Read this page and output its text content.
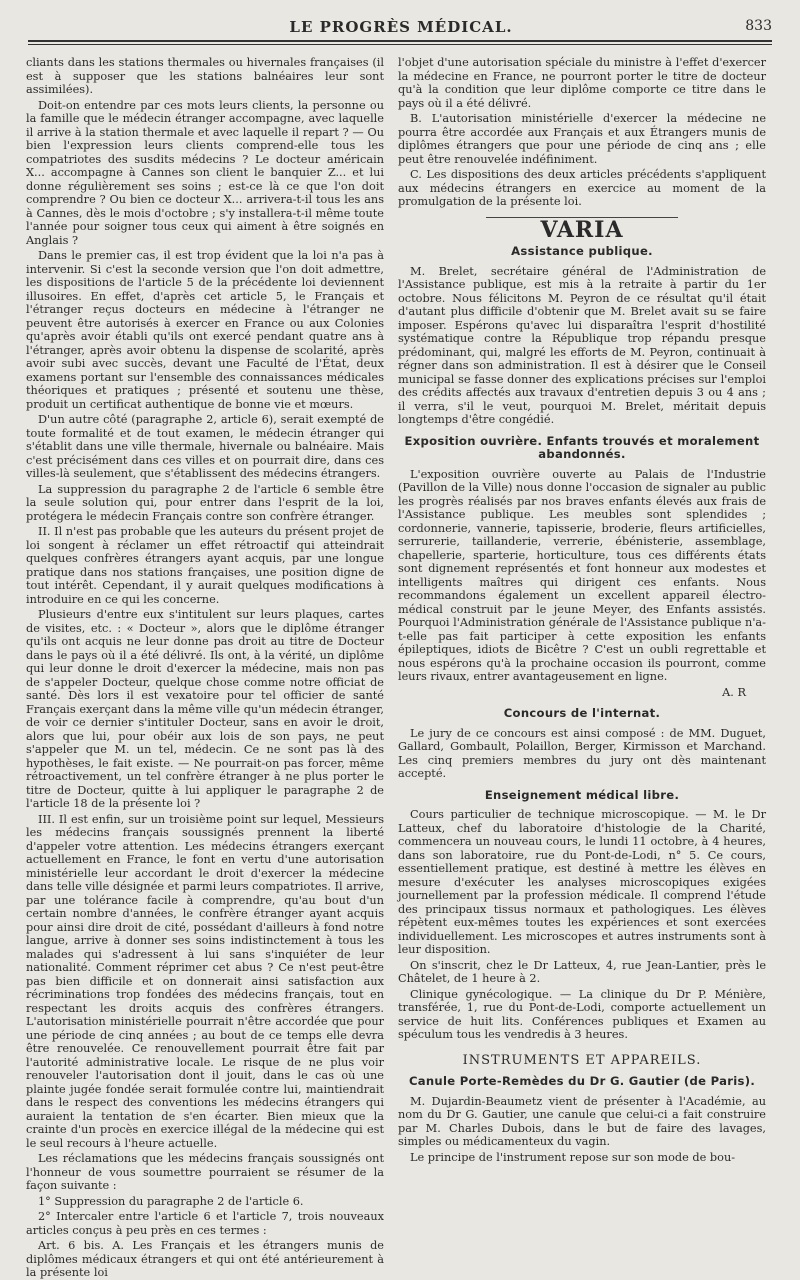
LE PROGRÈS MÉDICAL.	833

cliants dans les stations thermales ou hivernales françaises (il est à supposer que les stations balnéaires leur sont assimilées).

Doit-on entendre par ces mots leurs clients, la personne ou la famille que le médecin étranger accompagne, avec laquelle il arrive à la station thermale et avec laquelle il repart ? — Ou bien l'expression leurs clients comprend-elle tous les compatriotes des susdits médecins ? Le docteur américain X... accompagne à Cannes son client le banquier Z... et lui donne régulièrement ses soins ; est-ce là ce que l'on doit comprendre ? Ou bien ce docteur X... arrivera-t-il tous les ans à Cannes, dès le mois d'octobre ; s'y installera-t-il même toute l'année pour soigner tous ceux qui aiment à être soignés en Anglais ?

Dans le premier cas, il est trop évident que la loi n'a pas à intervenir. Si c'est la seconde version que l'on doit admettre, les dispositions de l'article 5 de la précédente loi deviennent illusoires. En effet, d'après cet article 5, le Français et l'étranger reçus docteurs en médecine à l'étranger ne peuvent être autorisés à exercer en France ou aux Colonies qu'après avoir établi qu'ils ont exercé pendant quatre ans à l'étranger, après avoir obtenu la dispense de scolarité, après avoir subi avec succès, devant une Faculté de l'État, deux examens portant sur l'ensemble des connaissances médicales théoriques et pratiques ; présenté et soutenu une thèse, produit un certificat authentique de bonne vie et mœurs.

D'un autre côté (paragraphe 2, article 6), serait exempté de toute formalité et de tout examen, le médecin étranger qui s'établit dans une ville thermale, hivernale ou balnéaire. Mais c'est précisément dans ces villes et on pourrait dire, dans ces villes-là seulement, que s'établissent des médecins étrangers.

La suppression du paragraphe 2 de l'article 6 semble être la seule solution qui, pour entrer dans l'esprit de la loi, protégera le médecin Français contre son confrère étranger.

II. Il n'est pas probable que les auteurs du présent projet de loi songent à réclamer un effet rétroactif qui atteindrait quelques confrères étrangers ayant acquis, par une longue pratique dans nos stations françaises, une position digne de tout intérêt. Cependant, il y aurait quelques modifications à introduire en ce qui les concerne.

Plusieurs d'entre eux s'intitulent sur leurs plaques, cartes de visites, etc. : « Docteur », alors que le diplôme étranger qu'ils ont acquis ne leur donne pas droit au titre de Docteur dans le pays où il a été délivré. Ils ont, à la vérité, un diplôme qui leur donne le droit d'exercer la médecine, mais non pas de s'appeler Docteur, quelque chose comme notre officiat de santé. Dès lors il est vexatoire pour tel officier de santé Français exerçant dans la même ville qu'un médecin étranger, de voir ce dernier s'intituler Docteur, sans en avoir le droit, alors que lui, pour obéir aux lois de son pays, ne peut s'appeler que M. un tel, médecin. Ce ne sont pas là des hypothèses, le fait existe. — Ne pourrait-on pas forcer, même rétroactivement, un tel confrère étranger à ne plus porter le titre de Docteur, quitte à lui appliquer le paragraphe 2 de l'article 18 de la présente loi ?

III. Il est enfin, sur un troisième point sur lequel, Messieurs les médecins français soussignés prennent la liberté d'appeler votre attention. Les médecins étrangers exerçant actuellement en France, le font en vertu d'une autorisation ministérielle leur accordant le droit d'exercer la médecine dans telle ville désignée et parmi leurs compatriotes. Il arrive, par une tolérance facile à comprendre, qu'au bout d'un certain nombre d'années, le confrère étranger ayant acquis pour ainsi dire droit de cité, possédant d'ailleurs à fond notre langue, arrive à donner ses soins indistinctement à tous les malades qui s'adressent à lui sans s'inquiéter de leur nationalité. Comment réprimer cet abus ? Ce n'est peut-être pas bien difficile et on donnerait ainsi satisfaction aux récriminations trop fondées des médecins français, tout en respectant les droits acquis des confrères étrangers. L'autorisation ministérielle pourrait n'être accordée que pour une période de cinq années ; au bout de ce temps elle devra être renouvelée. Ce renouvellement pourrait être fait par l'autorité administrative locale. Le risque de ne plus voir renouveler l'autorisation dont il jouit, dans le cas où une plainte jugée fondée serait formulée contre lui, maintiendrait dans le respect des conventions les médecins étrangers qui auraient la tentation de s'en écarter. Bien mieux que la crainte d'un procès en exercice illégal de la médecine qui est le seul recours à l'heure actuelle.

Les réclamations que les médecins français soussignés ont l'honneur de vous soumettre pourraient se résumer de la façon suivante :

1° Suppression du paragraphe 2 de l'article 6.

2° Intercaler entre l'article 6 et l'article 7, trois nouveaux articles conçus à peu près en ces termes :

Art. 6 bis. A. Les Français et les étrangers munis de diplômes médicaux étrangers et qui ont été antérieurement à la présente loi

l'objet d'une autorisation spéciale du ministre à l'effet d'exercer la médecine en France, ne pourront porter le titre de docteur qu'à la condition que leur diplôme comporte ce titre dans le pays où il a été délivré.

B. L'autorisation ministérielle d'exercer la médecine ne pourra être accordée aux Français et aux Étrangers munis de diplômes étrangers que pour une période de cinq ans ; elle peut être renouvelée indéfiniment.

C. Les dispositions des deux articles précédents s'appliquent aux médecins étrangers en exercice au moment de la promulgation de la présente loi.

VARIA
Assistance publique.

M. Brelet, secrétaire général de l'Administration de l'Assistance publique, est mis à la retraite à partir du 1er octobre. Nous félicitons M. Peyron de ce résultat qu'il était d'autant plus difficile d'obtenir que M. Brelet avait su se faire imposer. Espérons qu'avec lui disparaîtra l'esprit d'hostilité systématique contre la République trop répandu presque prédominant, qui, malgré les efforts de M. Peyron, continuait à régner dans son administration. Il est à désirer que le Conseil municipal se fasse donner des explications précises sur l'emploi des crédits affectés aux travaux d'entretien depuis 3 ou 4 ans ; il verra, s'il le veut, pourquoi M. Brelet, méritait depuis longtemps d'être congédié.

Exposition ouvrière. Enfants trouvés et moralement abandonnés.

L'exposition ouvrière ouverte au Palais de l'Industrie (Pavillon de la Ville) nous donne l'occasion de signaler au public les progrès réalisés par nos braves enfants élevés aux frais de l'Assistance publique. Les meubles sont splendides ; cordonnerie, vannerie, tapisserie, broderie, fleurs artificielles, serrurerie, taillanderie, verrerie, ébénisterie, assemblage, chapellerie, sparterie, horticulture, tous ces différents états sont dignement représentés et font honneur aux modestes et intelligents maîtres qui dirigent ces enfants. Nous recommandons également un excellent appareil électro-médical construit par le jeune Meyer, des Enfants assistés. Pourquoi l'Administration générale de l'Assistance publique n'a-t-elle pas fait participer à cette exposition les enfants épileptiques, idiots de Bicêtre ? C'est un oubli regrettable et nous espérons qu'à la prochaine occasion ils pourront, comme leurs rivaux, entrer avantageusement en ligne.

A. R

Concours de l'internat.

Le jury de ce concours est ainsi composé : de MM. Duguet, Gallard, Gombault, Polaillon, Berger, Kirmisson et Marchand. Les cinq premiers membres du jury ont dès maintenant accepté.

Enseignement médical libre.

Cours particulier de technique microscopique. — M. le Dr Latteux, chef du laboratoire d'histologie de la Charité, commencera un nouveau cours, le lundi 11 octobre, à 4 heures, dans son laboratoire, rue du Pont-de-Lodi, n° 5. Ce cours, essentiellement pratique, est destiné à mettre les élèves en mesure d'exécuter les analyses microscopiques exigées journellement par la profession médicale. Il comprend l'étude des principaux tissus normaux et pathologiques. Les élèves répètent eux-mêmes toutes les expériences et sont exercées individuellement. Les microscopes et autres instruments sont à leur disposition.

On s'inscrit, chez le Dr Latteux, 4, rue Jean-Lantier, près le Châtelet, de 1 heure à 2.

Clinique gynécologique. — La clinique du Dr P. Ménière, transférée, 1, rue du Pont-de-Lodi, comporte actuellement un service de huit lits. Conférences publiques et Examen au spéculum tous les vendredis à 3 heures.

INSTRUMENTS ET APPAREILS.
Canule Porte-Remèdes du Dr G. Gautier (de Paris).

M. Dujardin-Beaumetz vient de présenter à l'Académie, au nom du Dr G. Gautier, une canule que celui-ci a fait construire par M. Charles Dubois, dans le but de faire des lavages, simples ou médicamenteux du vagin.

Le principe de l'instrument repose sur son mode de bou-
